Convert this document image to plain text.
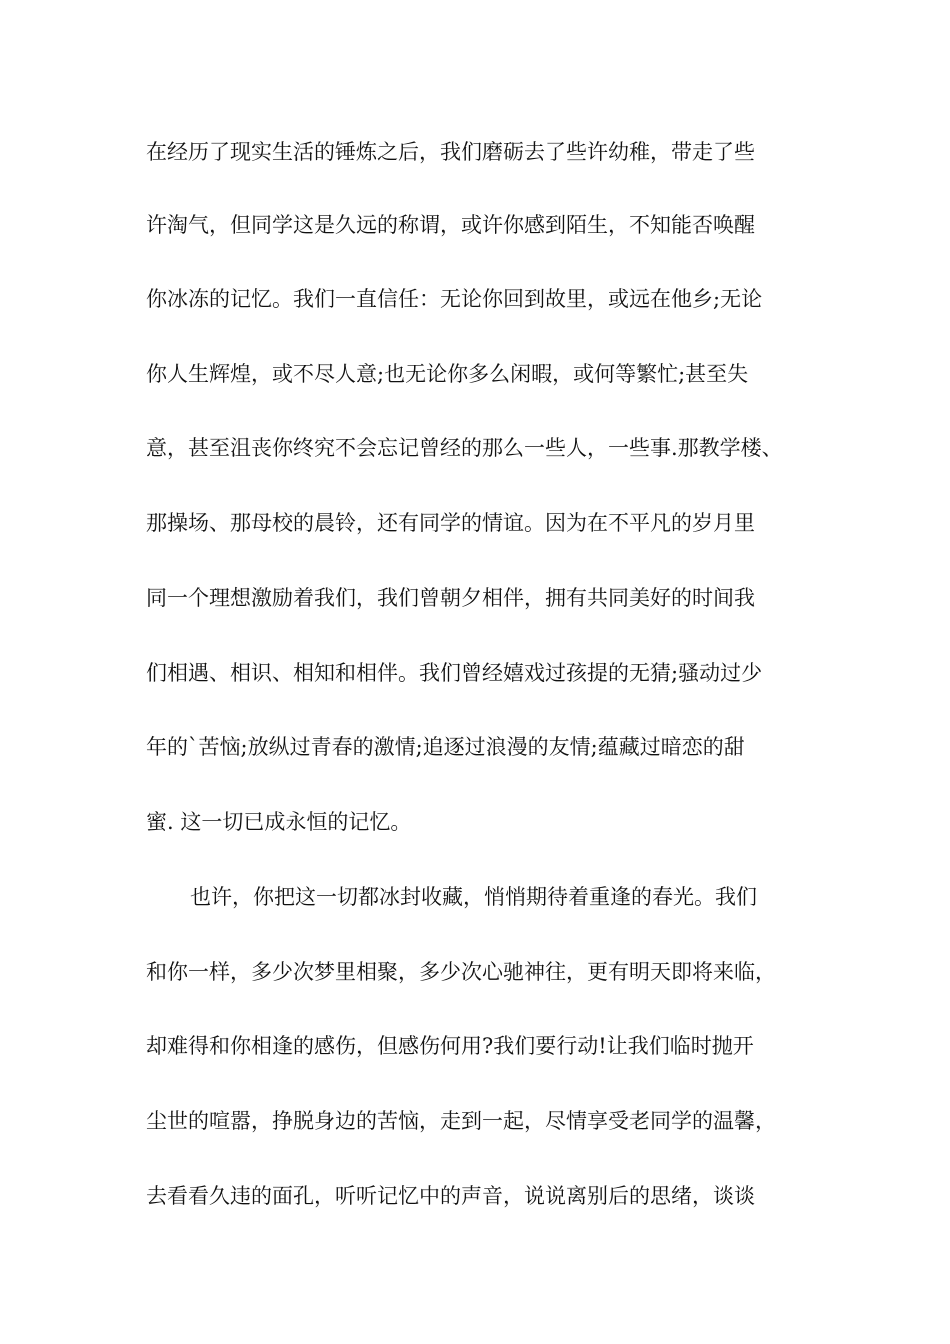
在经历了现实生活的锤炼之后，我们磨砺去了些许幼稚，带走了些
许淘气，但同学这是久远的称谓，或许你感到陌生，不知能否唤醒
你冰冻的记忆。我们一直信任：无论你回到故里，或远在他乡;无论
你人生辉煌，或不尽人意;也无论你多么闲暇，或何等繁忙;甚至失
意，甚至沮丧你终究不会忘记曾经的那么一些人，一些事.那教学楼、
那操场、那母校的晨铃，还有同学的情谊。因为在不平凡的岁月里
同一个理想激励着我们，我们曾朝夕相伴，拥有共同美好的时间我
们相遇、相识、相知和相伴。我们曾经嬉戏过孩提的无猜;骚动过少
年的`苦恼;放纵过青春的激情;追逐过浪漫的友情;蕴藏过暗恋的甜
蜜. 这一切已成永恒的记忆。
也许，你把这一切都冰封收藏，悄悄期待着重逢的春光。我们
和你一样，多少次梦里相聚，多少次心驰神往，更有明天即将来临，
却难得和你相逢的感伤，但感伤何用?我们要行动!让我们临时抛开
尘世的喧嚣，挣脱身边的苦恼，走到一起，尽情享受老同学的温馨，
去看看久违的面孔，听听记忆中的声音，说说离别后的思绪，谈谈
